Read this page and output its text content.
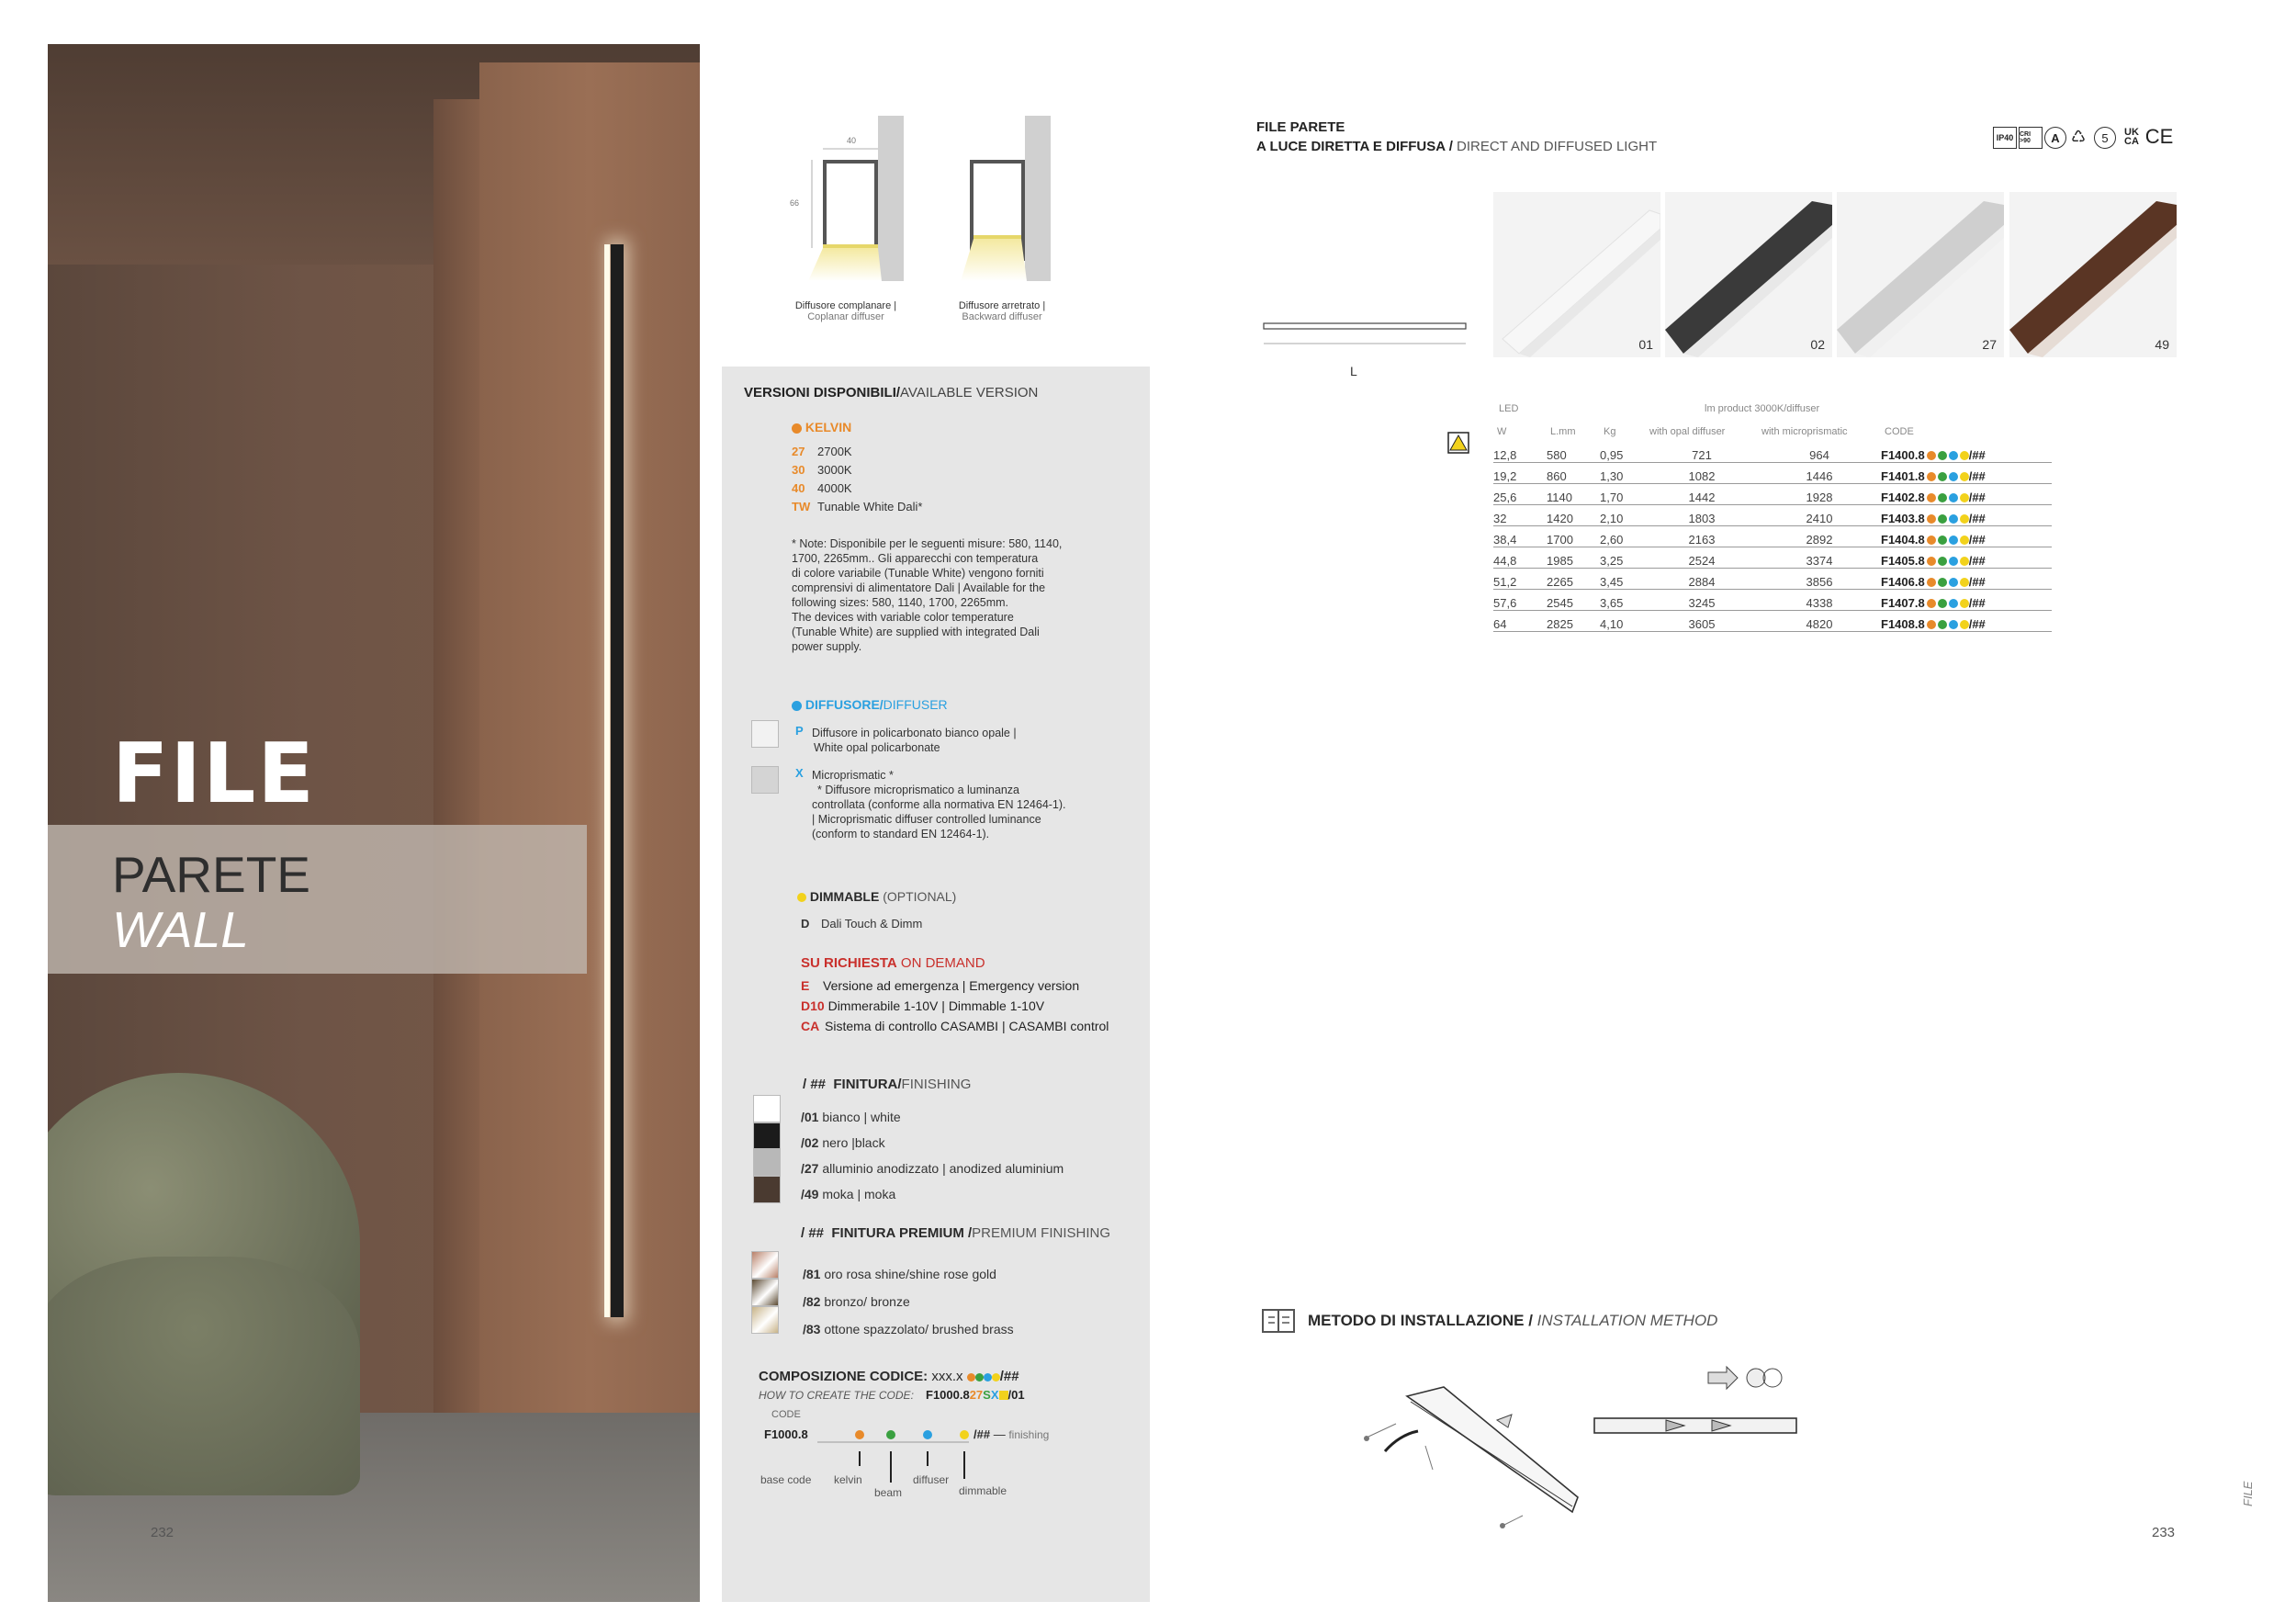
FILE
PARETE
WALL
232
40
66
Diffusore complanare |
Coplanar diffuser
Diffusore arretrato |
Backward diffuser
VERSIONI DISPONIBILI/AVAILABLE VERSION
KELVIN
27 2700K
30 3000K
40 4000K
TW Tunable White Dali*
* Note: Disponibile per le seguenti misure: 580, 1140,
1700, 2265mm.. Gli apparecchi con temperatura
di colore variabile (Tunable White) vengono forniti
comprensivi di alimentatore Dali | Available for the
following sizes: 580, 1140, 1700, 2265mm.
The devices with variable color temperature
(Tunable White) are supplied with integrated Dali
power supply.
DIFFUSORE/DIFFUSER
P Diffusore in policarbonato bianco opale |
White opal policarbonate
X Microprismatic *
* Diffusore microprismatico a luminanza
controllata (conforme alla normativa EN 12464-1).
| Microprismatic diffuser controlled luminance
(conform to standard EN 12464-1).
DIMMABLE (OPTIONAL)
D Dali Touch & Dimm
SU RICHIESTA ON DEMAND
E Versione ad emergenza | Emergency version
D10 Dimmerabile 1-10V | Dimmable 1-10V
CA Sistema di controllo CASAMBI | CASAMBI control
/ ## FINITURA/FINISHING
/01 bianco | white
/02 nero |black
/27 alluminio anodizzato | anodized aluminium
/49 moka | moka
/ ## FINITURA PREMIUM /PREMIUM FINISHING
/81 oro rosa shine/shine rose gold
/82 bronzo/ bronze
/83 ottone spazzolato/ brushed brass
COMPOSIZIONE CODICE: xxx.x	/##
HOW TO CREATE THE CODE: F1000.827SX /01
CODE
F1000.8	/## — finishing
base code kelvin
beam
diffuser
dimmable
FILE PARETE
A LUCE DIRETTA E DIFFUSA / DIRECT AND DIFFUSED LIGHT
IP40 CRI >90	A ♺	5	UK CA CE
01	02	27	49
L
LED	lm product 3000K/diffuser
W	L.mm	Kg	with opal diffuser	with microprismatic	CODE
12,8	580	0,95	721	964	F1400.8 /##
19,2	860	1,30	1082	1446	F1401.8 /##
25,6	1140	1,70	1442	1928	F1402.8 /##
32	1420	2,10	1803	2410	F1403.8 /##
38,4	1700	2,60	2163	2892	F1404.8 /##
44,8	1985	3,25	2524	3374	F1405.8 /##
51,2	2265	3,45	2884	3856	F1406.8 /##
57,6	2545	3,65	3245	4338	F1407.8 /##
64	2825	4,10	3605	4820	F1408.8 /##
METODO DI INSTALLAZIONE / INSTALLATION METHOD
233
FILE
